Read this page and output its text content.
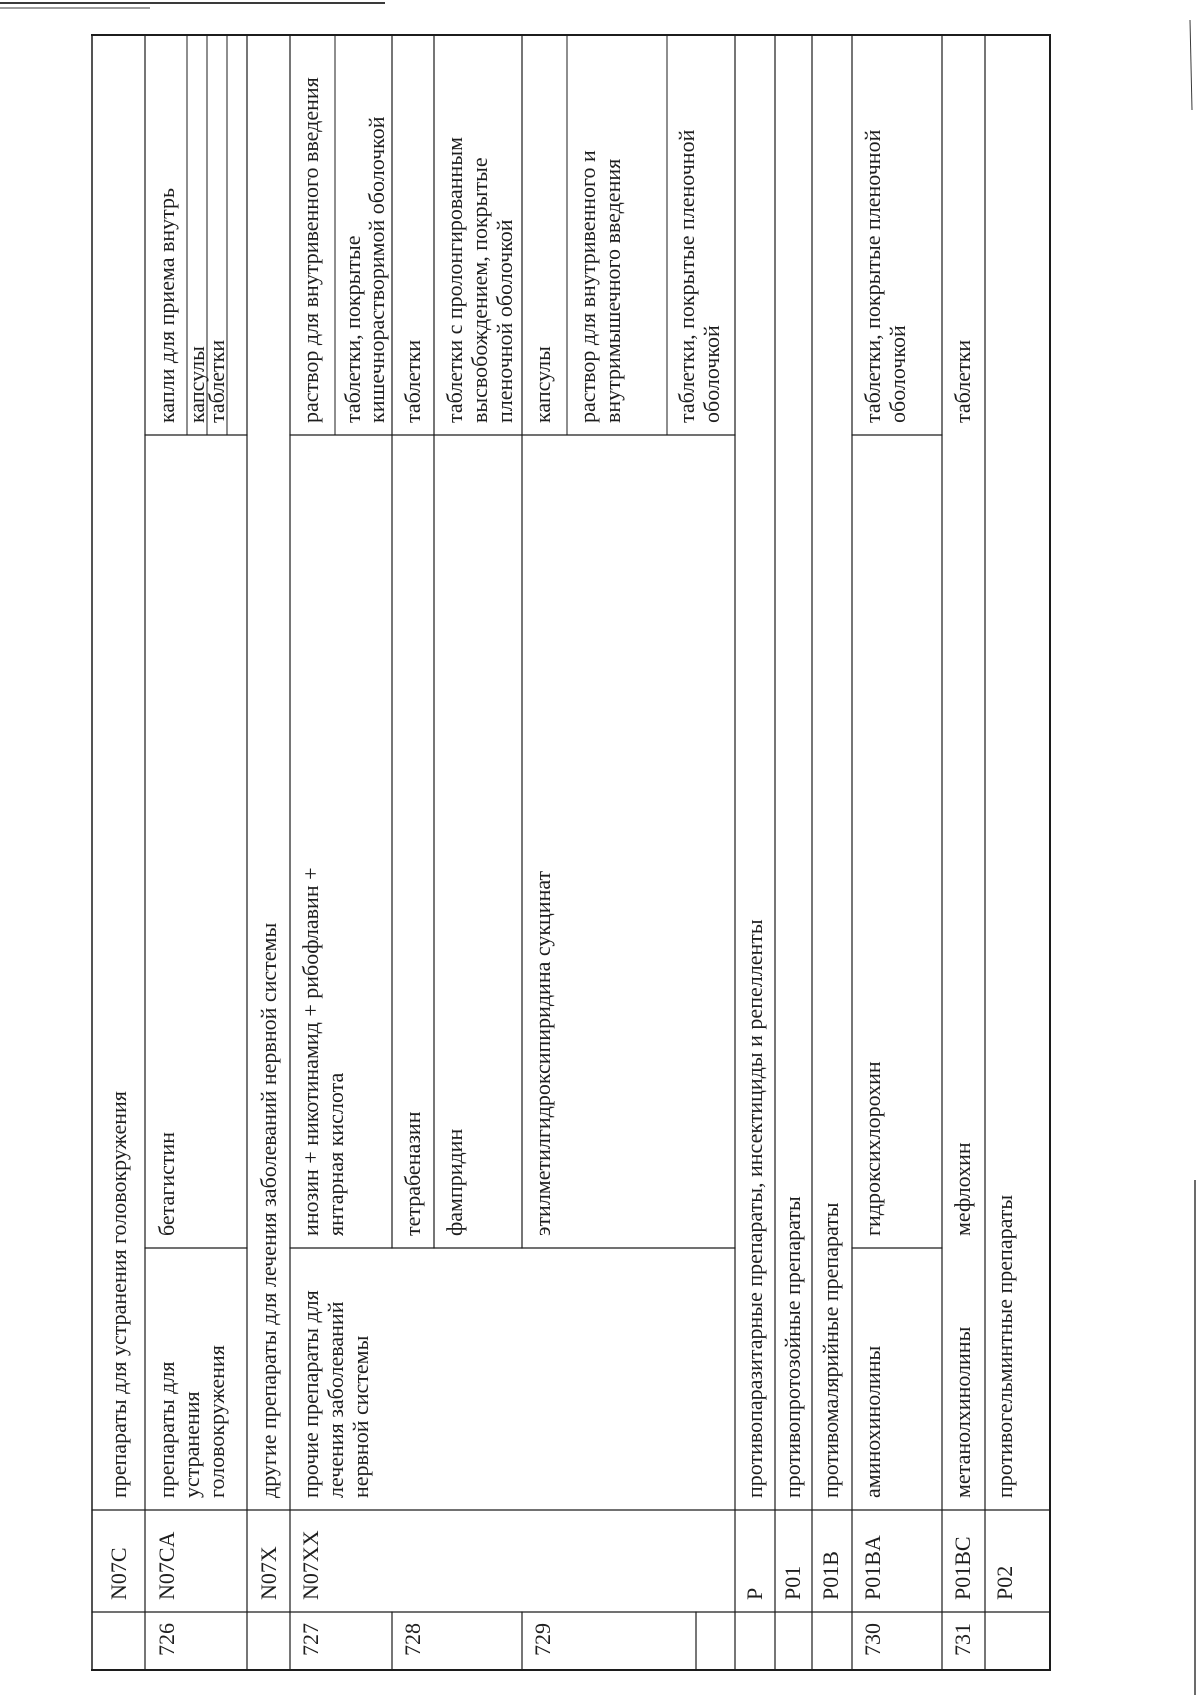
N07C
препараты для устранения головокружения
726
N07CA
препараты для устранения головокружения
бетагистин
капли для приема внутрь капсулы
таблетки
N07X
другие препараты для лечения заболеваний нервной системы
727
N07XX
прочие препараты для лечения заболеваний нервной системы
инозин + никотинамид + рибофлавин + янтарная кислота
раствор для внутривенного введения таблетки, покрытые кишечнорастворимой оболочкой
728
тетрабеназин
таблетки
фампридин
таблетки с пролонгированным высвобождением, покрытые пленочной оболочкой
729
этилметилгидроксипиридина сукцинат
капсулы раствор для внутривенного и внутримышечного введения таблетки, покрытые пленочной оболочкой
P
противопаразитарные препараты, инсектициды и репелленты
P01
противопротозойные препараты
P01B
противомалярийные препараты
730
P01BA
аминохинолины
гидроксихлорохин
таблетки, покрытые пленочной оболочкой
731
P01BC
метанолхинолины
мефлохин
таблетки
P02
противогельминтные препараты
